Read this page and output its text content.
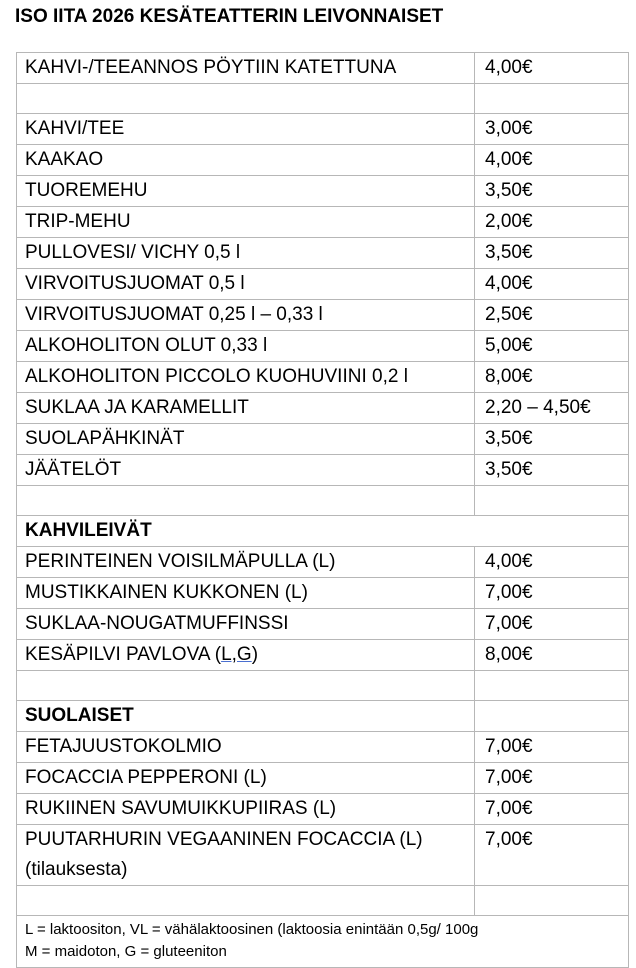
ISO IITA 2026 KESÄTEATTERIN LEIVONNAISET
KAHVI-/TEEANNOS PÖYTIIN KATETTUNA	4,00€

KAHVI/TEE	3,00€
KAAKAO	4,00€
TUOREMEHU	3,50€
TRIP-MEHU	2,00€
PULLOVESI/ VICHY 0,5 l	3,50€
VIRVOITUSJUOMAT 0,5 l	4,00€
VIRVOITUSJUOMAT 0,25 l – 0,33 l	2,50€
ALKOHOLITON OLUT 0,33 l	5,00€
ALKOHOLITON PICCOLO KUOHUVIINI 0,2 l	8,00€
SUKLAA JA KARAMELLIT	2,20 – 4,50€
SUOLAPÄHKINÄT	3,50€
JÄÄTELÖT	3,50€

KAHVILEIVÄT	
PERINTEINEN VOISILMÄPULLA (L)	4,00€
MUSTIKKAINEN KUKKONEN (L)	7,00€
SUKLAA-NOUGATMUFFINSSI	7,00€
KESÄPILVI PAVLOVA (L,G)	8,00€

SUOLAISET	
FETAJUUSTOKOLMIO	7,00€
FOCACCIA PEPPERONI (L)	7,00€
RUKIINEN SAVUMUIKKUPIIRAS (L)	7,00€

PUUTARHURIN VEGAANINEN FOCACCIA (L)
(tilauksesta)	7,00€

L = laktoositon, VL = vähälaktoosinen (laktoosia enintään 0,5g/ 100g
M = maidoton, G = gluteeniton	
